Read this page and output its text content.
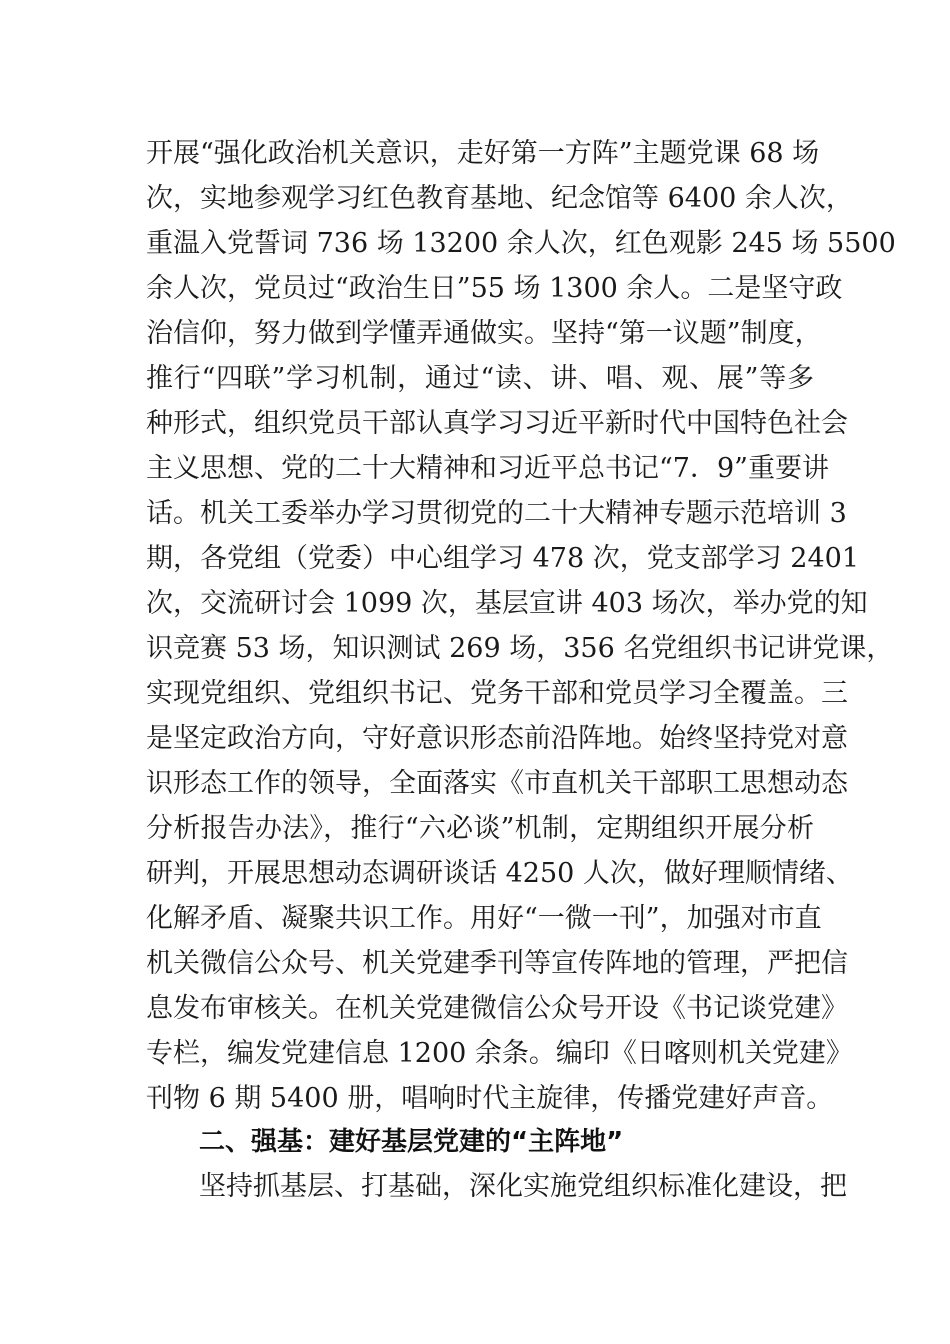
开展“强化政治机关意识，走好第一方阵”主题党课 68 场
次，实地参观学习红色教育基地、纪念馆等 6400 余人次，
重温入党誓词 736 场 13200 余人次，红色观影 245 场 5500
余人次，党员过“政治生日”55 场 1300 余人。二是坚守政
治信仰，努力做到学懂弄通做实。坚持“第一议题”制度，
推行“四联”学习机制，通过“读、讲、唱、观、展”等多
种形式，组织党员干部认真学习习近平新时代中国特色社会
主义思想、党的二十大精神和习近平总书记“7．9”重要讲
话。机关工委举办学习贯彻党的二十大精神专题示范培训 3
期，各党组（党委）中心组学习 478 次，党支部学习 2401
次，交流研讨会 1099 次，基层宣讲 403 场次，举办党的知
识竞赛 53 场，知识测试 269 场，356 名党组织书记讲党课，
实现党组织、党组织书记、党务干部和党员学习全覆盖。三
是坚定政治方向，守好意识形态前沿阵地。始终坚持党对意
识形态工作的领导，全面落实《市直机关干部职工思想动态
分析报告办法》，推行“六必谈”机制，定期组织开展分析
研判，开展思想动态调研谈话 4250 人次，做好理顺情绪、
化解矛盾、凝聚共识工作。用好“一微一刊”，加强对市直
机关微信公众号、机关党建季刊等宣传阵地的管理，严把信
息发布审核关。在机关党建微信公众号开设《书记谈党建》
专栏，编发党建信息 1200 余条。编印《日喀则机关党建》
刊物 6 期 5400 册，唱响时代主旋律，传播党建好声音。
二、强基：建好基层党建的“主阵地”
坚持抓基层、打基础，深化实施党组织标准化建设，把
